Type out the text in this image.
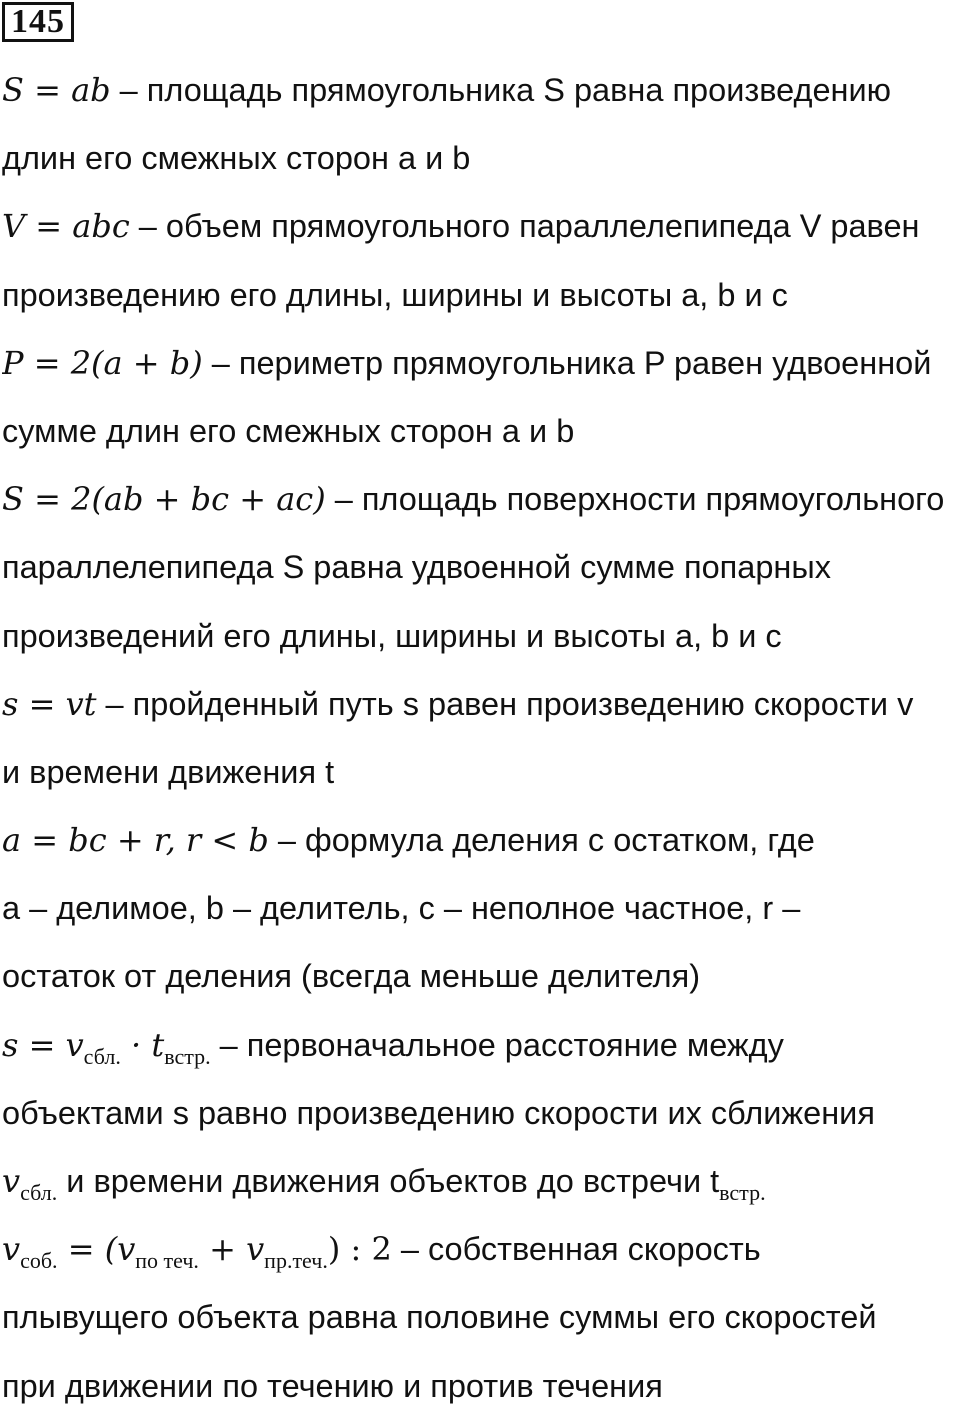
145
S = ab – площадь прямоугольника S равна произведению
длин его смежных сторон a и b
V = abc – объем прямоугольного параллелепипеда V равен
произведению его длины, ширины и высоты a, b и c
P = 2(a + b) – периметр прямоугольника P равен удвоенной
сумме длин его смежных сторон a и b
S = 2(ab + bc + ac) – площадь поверхности прямоугольного
параллелепипеда S равна удвоенной сумме попарных
произведений его длины, ширины и высоты a, b и c
s = vt – пройденный путь s равен произведению скорости v
и времени движения t
a = bc + r, r < b – формула деления с остатком, где
a – делимое, b – делитель, c – неполное частное, r –
остаток от деления (всегда меньше делителя)
$s = v_{сбл.} \cdot t_{встр.}$ – первоначальное расстояние между
объектами s равно произведению скорости их сближения
$v_{сбл.}$ и времени движения объектов до встречи $t_{встр.}$
$v_{соб.} = (v_{по теч.} + v_{пр.теч.})$ : 2 – собственная скорость
плывущего объекта равна половине суммы его скоростей
при движении по течению и против течения
